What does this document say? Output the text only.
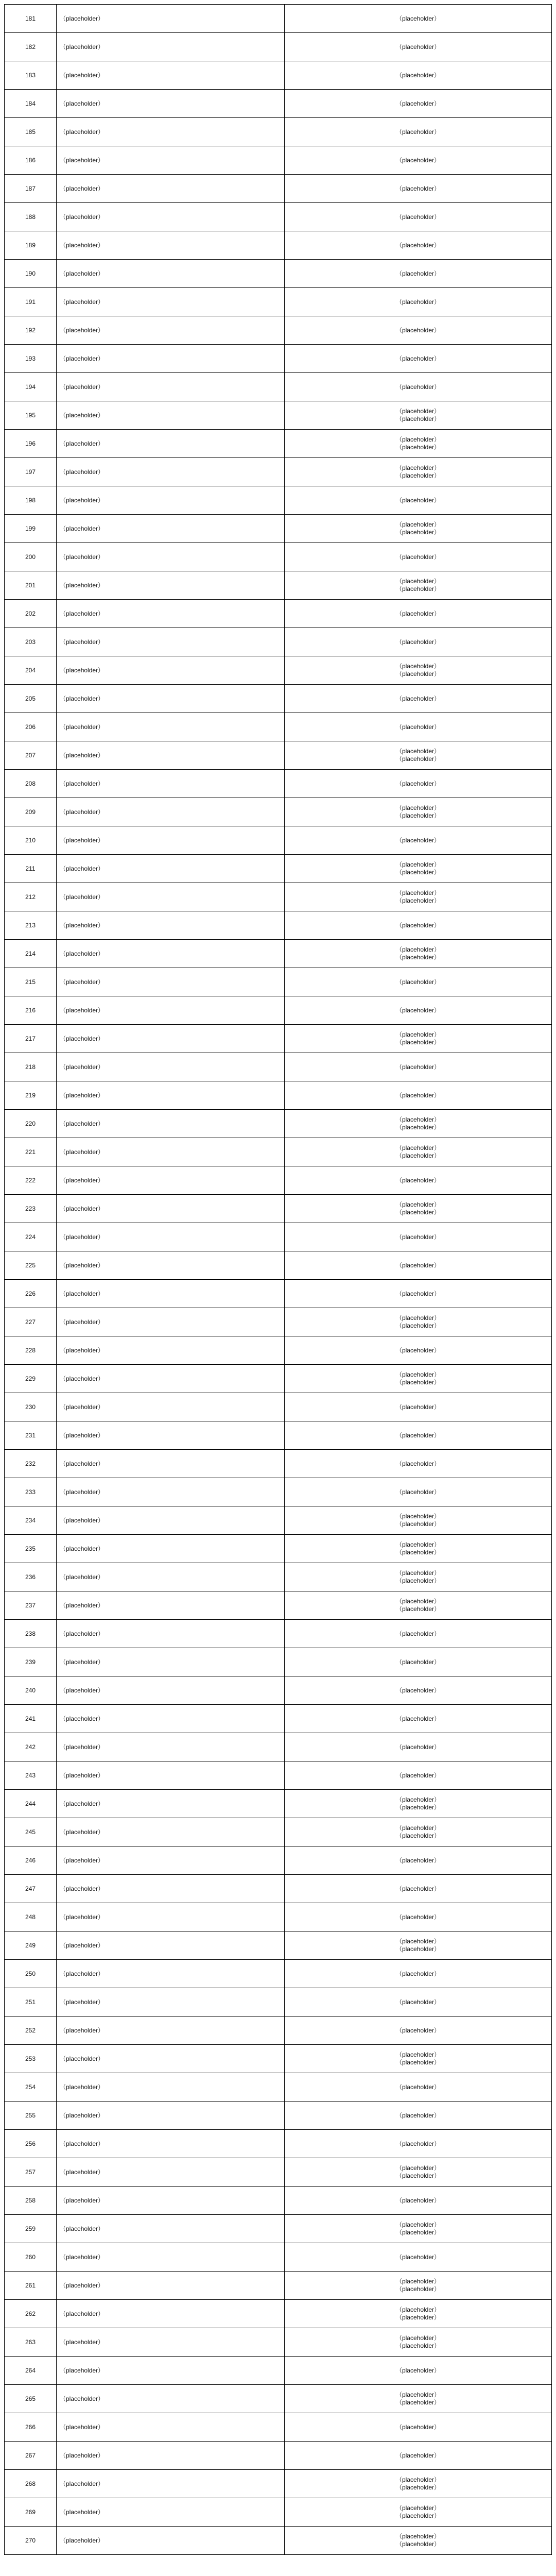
181	（placeholder）	（placeholder）

182	（placeholder）	（placeholder）

183	（placeholder）	（placeholder）

184	（placeholder）	（placeholder）

185	（placeholder）	（placeholder）

186	（placeholder）	（placeholder）

187	（placeholder）	（placeholder）

188	（placeholder）	（placeholder）

189	（placeholder）	（placeholder）

190	（placeholder）	（placeholder）

191	（placeholder）	（placeholder）

192	（placeholder）	（placeholder）

193	（placeholder）	（placeholder）

194	（placeholder）	（placeholder）

195	（placeholder）	（placeholder）
（placeholder）

196	（placeholder）	（placeholder）
（placeholder）

197	（placeholder）	（placeholder）
（placeholder）

198	（placeholder）	（placeholder）

199	（placeholder）	（placeholder）
（placeholder）

200	（placeholder）	（placeholder）

201	（placeholder）	（placeholder）
（placeholder）

202	（placeholder）	（placeholder）

203	（placeholder）	（placeholder）

204	（placeholder）	（placeholder）
（placeholder）

205	（placeholder）	（placeholder）

206	（placeholder）	（placeholder）

207	（placeholder）	（placeholder）
（placeholder）

208	（placeholder）	（placeholder）

209	（placeholder）	（placeholder）
（placeholder）

210	（placeholder）	（placeholder）

211	（placeholder）	（placeholder）
（placeholder）

212	（placeholder）	（placeholder）
（placeholder）

213	（placeholder）	（placeholder）

214	（placeholder）	（placeholder）
（placeholder）

215	（placeholder）	（placeholder）

216	（placeholder）	（placeholder）

217	（placeholder）	（placeholder）
（placeholder）

218	（placeholder）	（placeholder）

219	（placeholder）	（placeholder）

220	（placeholder）	（placeholder）
（placeholder）

221	（placeholder）	（placeholder）
（placeholder）

222	（placeholder）	（placeholder）

223	（placeholder）	（placeholder）
（placeholder）

224	（placeholder）	（placeholder）

225	（placeholder）	（placeholder）

226	（placeholder）	（placeholder）

227	（placeholder）	（placeholder）
（placeholder）

228	（placeholder）	（placeholder）

229	（placeholder）	（placeholder）
（placeholder）

230	（placeholder）	（placeholder）

231	（placeholder）	（placeholder）

232	（placeholder）	（placeholder）

233	（placeholder）	（placeholder）

234	（placeholder）	（placeholder）
（placeholder）

235	（placeholder）	（placeholder）
（placeholder）

236	（placeholder）	（placeholder）
（placeholder）

237	（placeholder）	（placeholder）
（placeholder）

238	（placeholder）	（placeholder）

239	（placeholder）	（placeholder）

240	（placeholder）	（placeholder）

241	（placeholder）	（placeholder）

242	（placeholder）	（placeholder）

243	（placeholder）	（placeholder）

244	（placeholder）	（placeholder）
（placeholder）

245	（placeholder）	（placeholder）
（placeholder）

246	（placeholder）	（placeholder）

247	（placeholder）	（placeholder）

248	（placeholder）	（placeholder）

249	（placeholder）	（placeholder）
（placeholder）

250	（placeholder）	（placeholder）

251	（placeholder）	（placeholder）

252	（placeholder）	（placeholder）

253	（placeholder）	（placeholder）
（placeholder）

254	（placeholder）	（placeholder）

255	（placeholder）	（placeholder）

256	（placeholder）	（placeholder）

257	（placeholder）	（placeholder）
（placeholder）

258	（placeholder）	（placeholder）

259	（placeholder）	（placeholder）
（placeholder）

260	（placeholder）	（placeholder）

261	（placeholder）	（placeholder）
（placeholder）

262	（placeholder）	（placeholder）
（placeholder）

263	（placeholder）	（placeholder）
（placeholder）

264	（placeholder）	（placeholder）

265	（placeholder）	（placeholder）
（placeholder）

266	（placeholder）	（placeholder）

267	（placeholder）	（placeholder）

268	（placeholder）	（placeholder）
（placeholder）

269	（placeholder）	（placeholder）
（placeholder）

270	（placeholder）	（placeholder）
（placeholder）
